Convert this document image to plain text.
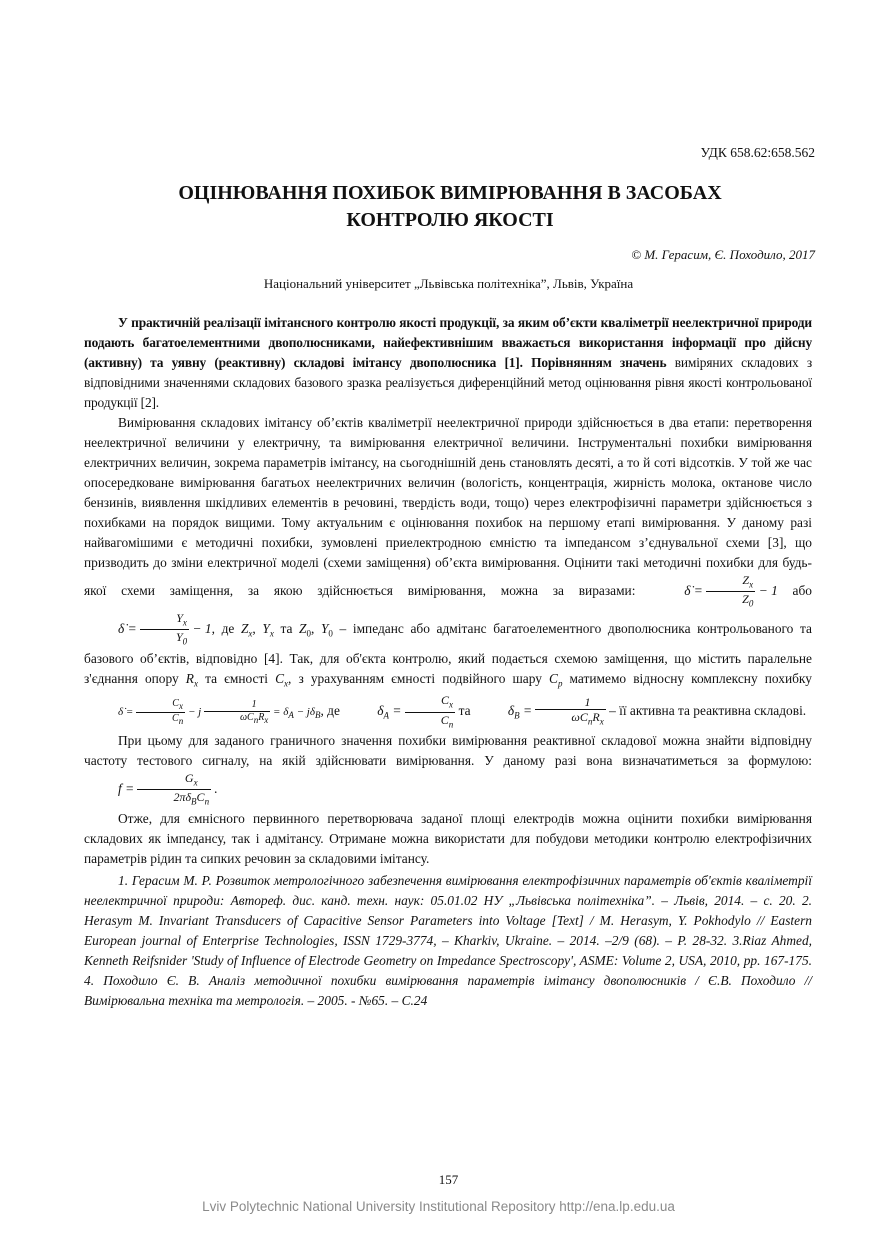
УДК 658.62:658.562
ОЦІНЮВАННЯ ПОХИБОК ВИМІРЮВАННЯ В ЗАСОБАХ
КОНТРОЛЮ ЯКОСТІ
© М. Герасим, Є. Походило, 2017
Національний університет „Львівська політехніка”, Львів, Україна

У практичній реалізації імітансного контролю якості продукції, за яким об’єкти кваліметрії неелектричної природи подають багатоелементними двополюсниками, найефективнішим вважається використання інформації про дійсну (активну) та уявну (реактивну) складові імітансу двополюсника [1]. Порівнянням значень виміряних складових з відповідними значеннями складових базового зразка реалізується диференційний метод оцінювання рівня якості контрольованої продукції [2].

Вимірювання складових імітансу об’єктів кваліметрії неелектричної природи здійснюється в два етапи: перетворення неелектричної величини у електричну, та вимірювання електричної величини. Інструментальні похибки вимірювання електричних величин, зокрема параметрів імітансу, на сьогоднішній день становлять десяті, а то й соті відсотків. У той же час опосередковане вимірювання багатьох неелектричних величин (вологість, концентрація, жирність молока, октанове число бензинів, виявлення шкідливих елементів в речовині, твердість води, тощо) через електрофізичні параметри здійснюється з похибками на порядок вищими. Тому актуальним є оцінювання похибок на першому етапі вимірювання. У даному разі найвагомішими є методичні похибки, зумовлені приелектродною ємністю та імпедансом з’єднувальної схеми [3], що призводить до зміни електричної моделі (схеми заміщення) об’єкта вимірювання. Оцінити такі методичні похибки для будь-якої схеми заміщення, за якою здійснюється вимірювання, можна за виразами:	δ̇ = $\frac{Z_x}{Z_0} - 1$ або δ̇ = $\frac{Y_x}{Y_0} - 1$, де $Z_x$, $Y_x$ та $Z_0$, $Y_0$ – імпеданс або адмітанс багатоелементного двополюсника контрольованого та базового об’єктів, відповідно [4]. Так, для об'єкта контролю, який подається схемою заміщення, що містить паралельне з'єднання опору $R_x$ та ємності $C_x$, з урахуванням ємності подвійного шару $C_p$ матимемо відносну комплексну похибку δ̇ = $\frac{C_x}{C_n} - j \frac{1}{\omega C_nR_x} = \delta_A - j\delta_B$, де	$\delta_A = \frac{C_x}{C_n}$ та	$\delta_B = \frac{1}{\omega C_nR_x}$ – її активна та реактивна складові.

При цьому для заданого граничного значення похибки вимірювання реактивної складової можна знайти відповідну частоту тестового сигналу, на якій здійснювати вимірювання. У даному разі вона визначатиметься за формулою: $f = \frac{G_x}{2\pi\delta_BC_n}$ .

Отже, для ємнісного первинного перетворювача заданої площі електродів можна оцінити похибки вимірювання складових як імпедансу, так і адмітансу. Отримане можна використати для побудови методики контролю електрофізичних параметрів рідин та сипких речовин за складовими імітансу.

1. Герасим М. Р. Розвиток метрологічного забезпечення вимірювання електрофізичних параметрів об'єктів кваліметрії неелектричної природи: Автореф. дис. канд. техн. наук: 05.01.02 НУ „Львівська політехніка”. – Львів, 2014. – с. 20. 2. Herasym M. Invariant Transducers of Capacitive Sensor Parameters into Voltage [Text] / M. Herasym, Y. Pokhodylo // Eastern European journal of Enterprise Technologies, ISSN 1729-3774, – Kharkiv, Ukraine. – 2014. –2/9 (68). – P. 28-32. 3.Riaz Ahmed, Kenneth Reifsnider 'Study of Influence of Electrode Geometry on Impedance Spectroscopy', ASME: Volume 2, USA, 2010, pp. 167-175. 4. Походило Є. В. Аналіз методичної похибки вимірювання параметрів імітансу двополюсників / Є.В. Походило // Вимірювальна техніка та метрологія. – 2005. - №65. – С.24

157
Lviv Polytechnic National University Institutional Repository http://ena.lp.edu.ua
